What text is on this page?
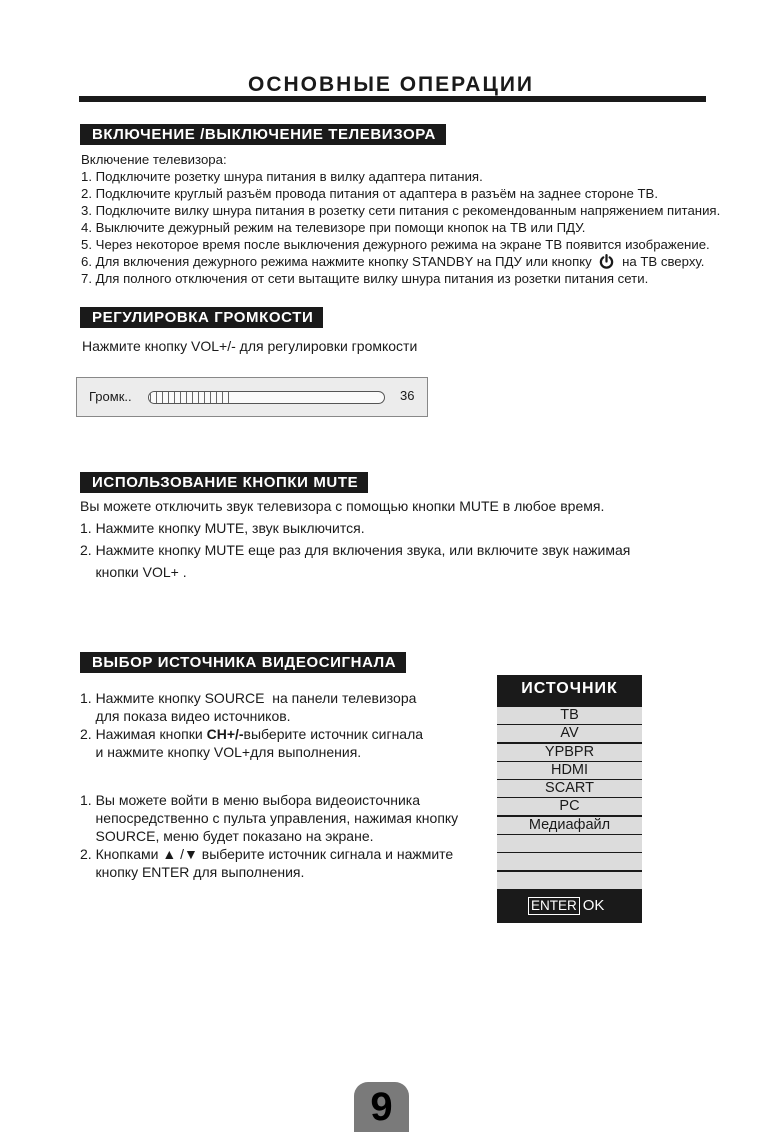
ОСНОВНЫЕ ОПЕРАЦИИ
ВКЛЮЧЕНИЕ /ВЫКЛЮЧЕНИЕ ТЕЛЕВИЗОРА

Включение телевизора:

1. Подключите розетку шнура питания в вилку адаптера питания.

2. Подключите круглый разъём провода питания от адаптера в разъём на заднее стороне ТВ.

3. Подключите вилку шнура питания в розетку сети питания с рекомендованным напряжением питания.

4. Выключите дежурный режим на телевизоре при помощи кнопок на ТВ или ПДУ.

5. Через некоторое время после выключения дежурного режима на экране ТВ появится изображение.

6. Для включения дежурного режима нажмите кнопку STANDBY на ПДУ или кнопку на ТВ сверху.

7. Для полного отключения от сети вытащите вилку шнура питания из розетки питания сети.

РЕГУЛИРОВКА ГРОМКОСТИ

Нажмите кнопку VOL+/- для регулировки громкости

Громк..	36
ИСПОЛЬЗОВАНИЕ КНОПКИ MUTE

Вы можете отключить звук телевизора с помощью кнопки MUTE в любое время.

1. Нажмите кнопку MUTE, звук выключится.

2. Нажмите кнопку MUTE еще раз для включения звука, или включите звук нажимая

кнопки VOL+ .

ВЫБОР ИСТОЧНИКА ВИДЕОСИГНАЛА

1. Нажмите кнопку SOURCE  на панели телевизора

для показа видео источников.

2. Нажимая кнопки CH+/-выберите источник сигнала

и нажмите кнопку VOL+для выполнения.

1. Вы можете войти в меню выбора видеоисточника

непосредственно с пульта управления, нажимая кнопку

SOURCE, меню будет показано на экране.

2. Кнопками ▲ /▼ выберите источник сигнала и нажмите

кнопку ENTER для выполнения.

ИСТОЧНИК
ТВ
AV
YPBPR
HDMI
SCART
PC
Медиафайл
ENTER OK
9
